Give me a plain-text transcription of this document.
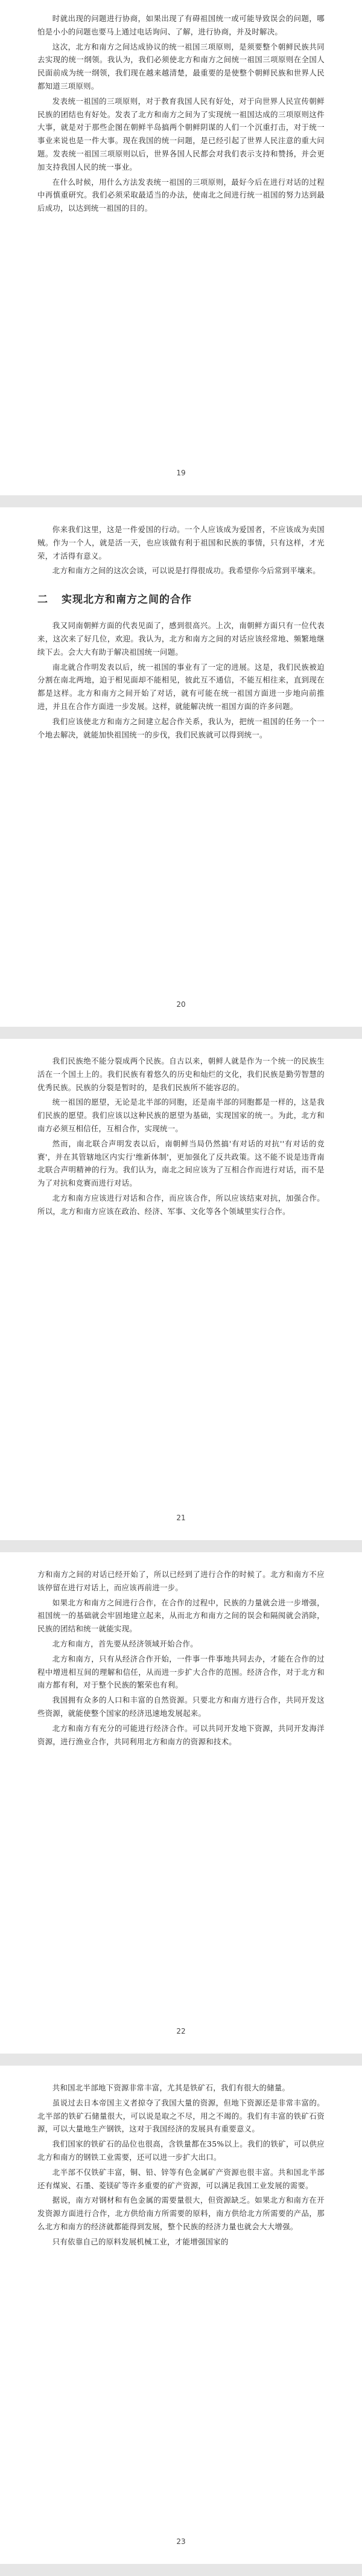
时就出现的问题进行协商，如果出现了有碍祖国统一或可能导致误会的问题，哪怕是小小的问题也要马上通过电话询问、了解，进行协商，并及时解决。

这次，北方和南方之间达成协议的统一祖国三项原则，是须要整个朝鲜民族共同去实现的统一纲领。我认为，我们必须使北方和南方之间统一祖国三项原则在全国人民面前成为统一纲领，我们现在越来越清楚，最重要的是使整个朝鲜民族和世界人民都知道三项原则。

发表统一祖国的三项原则，对于教育我国人民有好处，对于向世界人民宣传朝鲜民族的团结也有好处。发表了北方和南方之间为了实现统一祖国达成的三项原则这件大事，就是对于那些企图在朝鲜半岛搞两个朝鲜阴谋的人们一个沉重打击，对于统一事业来说也是一件大事。现在我国的统一问题，是已经引起了世界人民注意的重大问题。发表统一祖国三项原则以后，世界各国人民都会对我们表示支持和赞扬，并会更加支持我国人民的统一事业。

在什么时候，用什么方法发表统一祖国的三项原则，最好今后在进行对话的过程中再慎重研究。我们必须采取最适当的办法，使南北之间进行统一祖国的努力达到最后成功，以达到统一祖国的目的。

19

你来我们这里，这是一件爱国的行动。一个人应该成为爱国者，不应该成为卖国贼。作为一个人，就是活一天，也应该做有利于祖国和民族的事情，只有这样，才光荣，才活得有意义。

北方和南方之间的这次会谈，可以说是打得很成功。我希望你今后常到平壤来。

二 实现北方和南方之间的合作

我又同南朝鲜方面的代表见面了，感到很高兴。上次，南朝鲜方面只有一位代表来，这次来了好几位，欢迎。我认为，北方和南方之间的对话应该经常地、频繁地继续下去。会大大有助于解决祖国统一问题。

南北就合作明发表以后，统一祖国的事业有了一定的进展。这是，我们民族被迫分割在南北两地，迫于相见面却不能相见，彼此互不通信，不能互相往来，直到现在都是这样。北方和南方之间开始了对话，就有可能在统一祖国方面进一步地向前推进，并且在合作方面进一步发展。这样，就能解决统一祖国方面的许多问题。

我们应该使北方和南方之间建立起合作关系，我认为，把统一祖国的任务一个一个地去解决，就能加快祖国统一的步伐，我们民族就可以得到统一。

20

我们民族绝不能分裂成两个民族。自古以来，朝鲜人就是作为一个统一的民族生活在一个国土上的。我们民族有着悠久的历史和灿烂的文化，我们民族是勤劳智慧的优秀民族。民族的分裂是暂时的，是我们民族所不能容忍的。

统一祖国的愿望，无论是北半部的同胞，还是南半部的同胞都是一样的，这是我们民族的愿望。我们应该以这种民族的愿望为基础，实现国家的统一。为此，北方和南方必须互相信任，互相合作，实现统一。

然而，南北联合声明发表以后，南朝鲜当局仍然搞'有对话的对抗''有对话的竞赛'，并在其管辖地区内实行'维新体制'，更加强化了反共政策。这不能不说是违背南北联合声明精神的行为。我们认为，南北之间应该为了互相合作而进行对话，而不是为了对抗和竞赛而进行对话。

北方和南方应该进行对话和合作，而应该合作，所以应该结束对抗，加强合作。所以，北方和南方应该在政治、经济、军事、文化等各个领域里实行合作。

21

方和南方之间的对话已经开始了，所以已经到了进行合作的时候了。北方和南方不应该停留在进行对话上，而应该再前进一步。

如果北方和南方之间进行合作，在合作的过程中，民族的力量就会进一步增强，祖国统一的基础就会牢固地建立起来，从而北方和南方之间的误会和隔阂就会消除，民族的团结和统一就能实现。

北方和南方，首先要从经济领域开始合作。

北方和南方，只有从经济合作开始，一件事一件事地共同去办，才能在合作的过程中增进相互间的理解和信任，从而进一步扩大合作的范围。经济合作，对于北方和南方都有利，对于整个民族的繁荣也有利。

我国拥有众多的人口和丰富的自然资源。只要北方和南方进行合作，共同开发这些资源，就能使整个国家的经济迅速地发展起来。

北方和南方有充分的可能进行经济合作。可以共同开发地下资源，共同开发海洋资源，进行渔业合作，共同利用北方和南方的资源和技术。

22

共和国北半部地下资源非常丰富，尤其是铁矿石，我们有很大的储量。

虽说过去日本帝国主义者掠夺了我国大量的资源，但地下资源还是非常丰富的。北半部的铁矿石储量很大，可以说是取之不尽，用之不竭的。我们有丰富的铁矿石资源，可以大量地生产钢铁，这对于我国经济的发展具有重要意义。

我们国家的铁矿石的品位也很高，含铁量都在35%以上。我们的铁矿，可以供应北方和南方的钢铁工业需要，还可以进一步扩大出口。

北半部不仅铁矿丰富，铜、铅、锌等有色金属矿产资源也很丰富。共和国北半部还有煤炭、石墨、菱镁矿等许多重要的矿产资源，可以满足我国工业发展的需要。

据说，南方对钢材和有色金属的需要量很大，但资源缺乏。如果北方和南方在开发资源方面进行合作，北方供给南方所需要的原料，南方供给北方所需要的产品，那么北方和南方的经济就都能得到发展，整个民族的经济力量也就会大大增强。

只有依靠自己的原料发展机械工业，才能增强国家的

23
